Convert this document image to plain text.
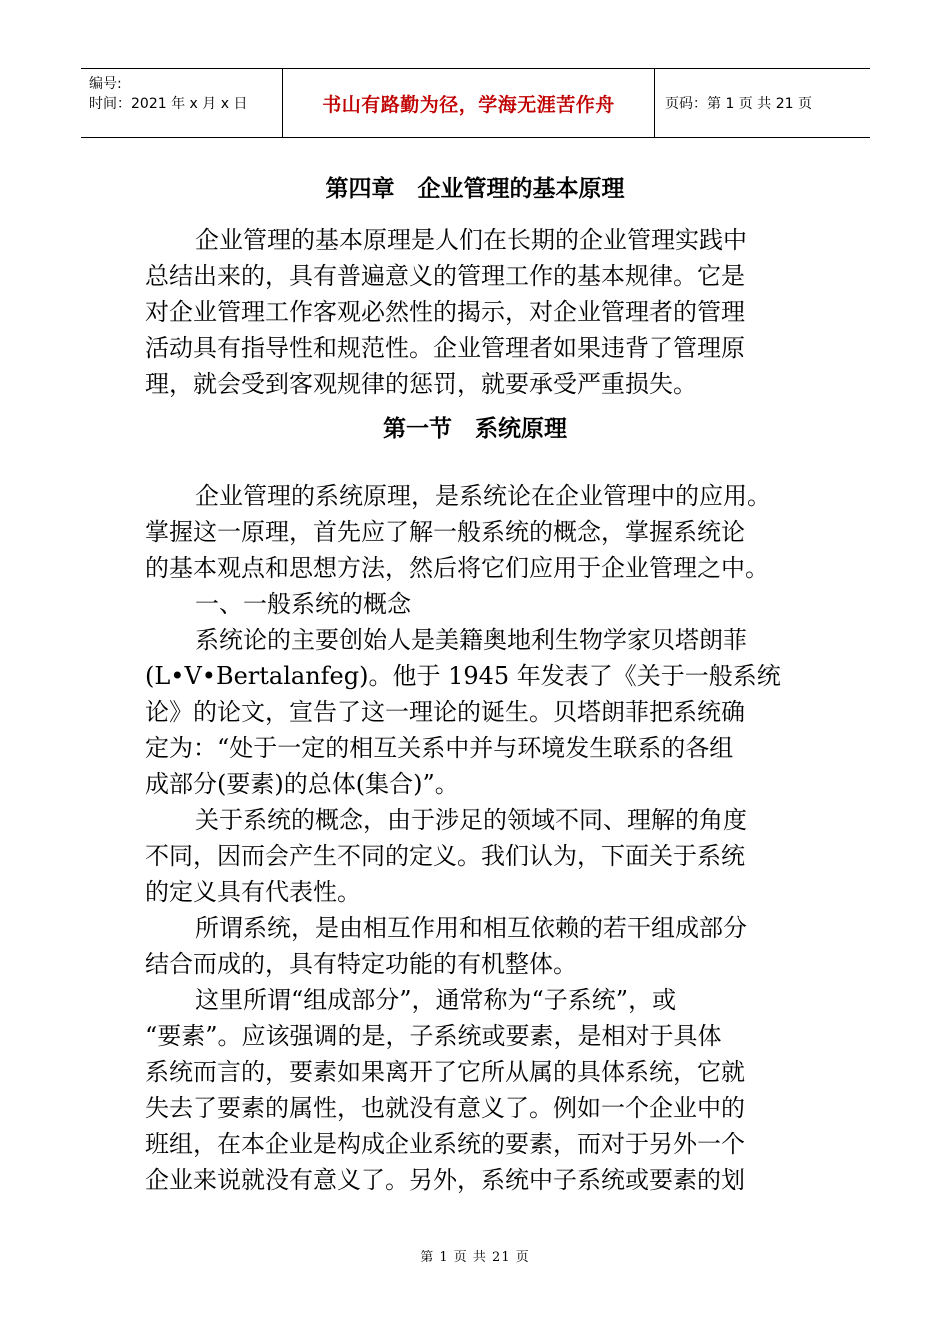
编号:
时间：2021 年 x 月 x 日	书山有路勤为径，学海无涯苦作舟	页码：第 1 页 共 21 页
第四章　企业管理的基本原理
企业管理的基本原理是人们在长期的企业管理实践中
总结出来的，具有普遍意义的管理工作的基本规律。它是
对企业管理工作客观必然性的揭示，对企业管理者的管理
活动具有指导性和规范性。企业管理者如果违背了管理原
理，就会受到客观规律的惩罚，就要承受严重损失。
第一节　系统原理
企业管理的系统原理，是系统论在企业管理中的应用。
掌握这一原理，首先应了解一般系统的概念，掌握系统论
的基本观点和思想方法，然后将它们应用于企业管理之中。
一、一般系统的概念
系统论的主要创始人是美籍奥地利生物学家贝塔朗菲
(L•V•Bertalanfeg)。他于 1945 年发表了《关于一般系统
论》的论文，宣告了这一理论的诞生。贝塔朗菲把系统确
定为：“处于一定的相互关系中并与环境发生联系的各组
成部分(要素)的总体(集合)”。
关于系统的概念，由于涉足的领域不同、理解的角度
不同，因而会产生不同的定义。我们认为，下面关于系统
的定义具有代表性。
所谓系统，是由相互作用和相互依赖的若干组成部分
结合而成的，具有特定功能的有机整体。
这里所谓“组成部分”，通常称为“子系统”，或
“要素”。应该强调的是，子系统或要素，是相对于具体
系统而言的，要素如果离开了它所从属的具体系统，它就
失去了要素的属性，也就没有意义了。例如一个企业中的
班组，在本企业是构成企业系统的要素，而对于另外一个
企业来说就没有意义了。另外，系统中子系统或要素的划
第 1 页 共 21 页
